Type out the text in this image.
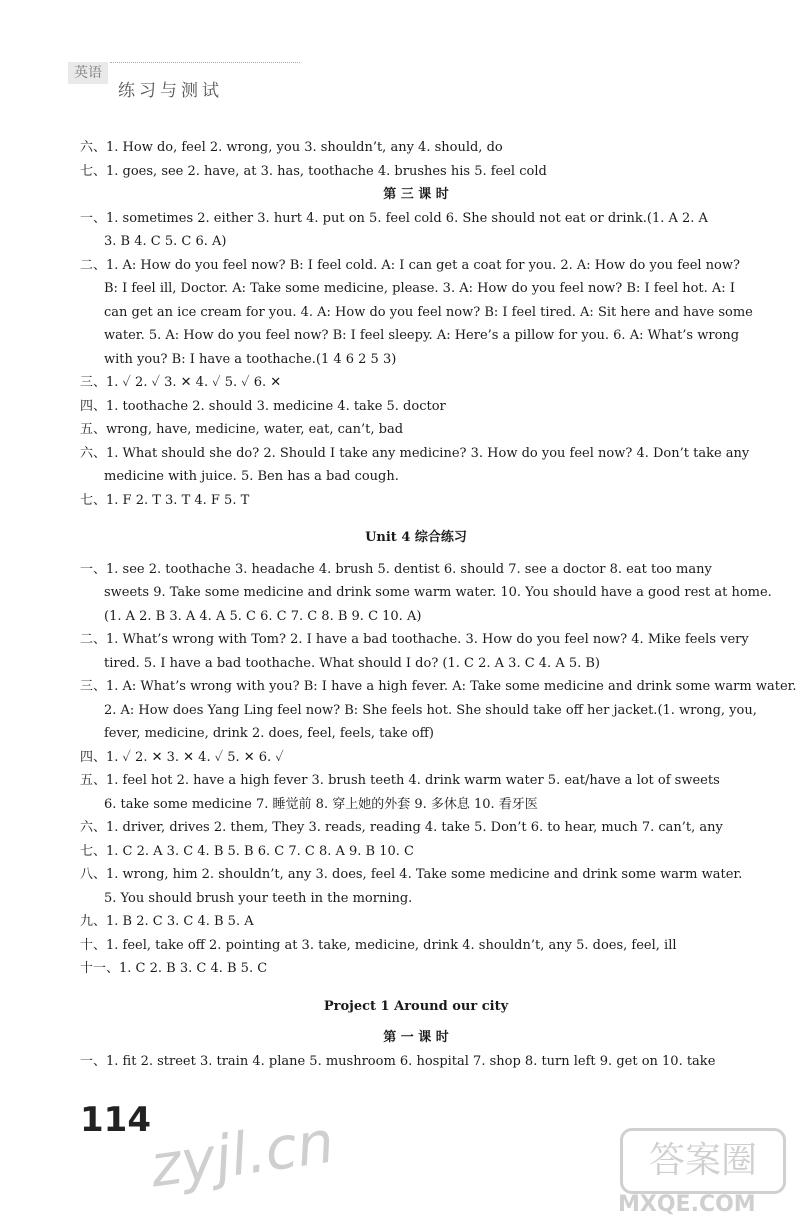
英语
练习与测试
六、1. How do, feel 2. wrong, you 3. shouldn’t, any 4. should, do
七、1. goes, see 2. have, at 3. has, toothache 4. brushes his 5. feel cold
第 三 课 时
一、1. sometimes 2. either 3. hurt 4. put on 5. feel cold 6. She should not eat or drink.(1. A 2. A
3. B 4. C 5. C 6. A)
二、1. A: How do you feel now? B: I feel cold. A: I can get a coat for you. 2. A: How do you feel now?
B: I feel ill, Doctor. A: Take some medicine, please. 3. A: How do you feel now? B: I feel hot. A: I
can get an ice cream for you. 4. A: How do you feel now? B: I feel tired. A: Sit here and have some
water. 5. A: How do you feel now? B: I feel sleepy. A: Here’s a pillow for you. 6. A: What’s wrong
with you? B: I have a toothache.(1 4 6 2 5 3)
三、1. ✓ 2. ✓ 3. ✕ 4. ✓ 5. ✓ 6. ✕
四、1. toothache 2. should 3. medicine 4. take 5. doctor
五、wrong, have, medicine, water, eat, can’t, bad
六、1. What should she do? 2. Should I take any medicine? 3. How do you feel now? 4. Don’t take any
medicine with juice. 5. Ben has a bad cough.
七、1. F 2. T 3. T 4. F 5. T
Unit 4 综合练习
一、1. see 2. toothache 3. headache 4. brush 5. dentist 6. should 7. see a doctor 8. eat too many
sweets 9. Take some medicine and drink some warm water. 10. You should have a good rest at home.
(1. A 2. B 3. A 4. A 5. C 6. C 7. C 8. B 9. C 10. A)
二、1. What’s wrong with Tom? 2. I have a bad toothache. 3. How do you feel now? 4. Mike feels very
tired. 5. I have a bad toothache. What should I do? (1. C 2. A 3. C 4. A 5. B)
三、1. A: What’s wrong with you? B: I have a high fever. A: Take some medicine and drink some warm water.
2. A: How does Yang Ling feel now? B: She feels hot. She should take off her jacket.(1. wrong, you,
fever, medicine, drink 2. does, feel, feels, take off)
四、1. ✓ 2. ✕ 3. ✕ 4. ✓ 5. ✕ 6. ✓
五、1. feel hot 2. have a high fever 3. brush teeth 4. drink warm water 5. eat/have a lot of sweets
6. take some medicine 7. 睡觉前 8. 穿上她的外套 9. 多休息 10. 看牙医
六、1. driver, drives 2. them, They 3. reads, reading 4. take 5. Don’t 6. to hear, much 7. can’t, any
七、1. C 2. A 3. C 4. B 5. B 6. C 7. C 8. A 9. B 10. C
八、1. wrong, him 2. shouldn’t, any 3. does, feel 4. Take some medicine and drink some warm water.
5. You should brush your teeth in the morning.
九、1. B 2. C 3. C 4. B 5. A
十、1. feel, take off 2. pointing at 3. take, medicine, drink 4. shouldn’t, any 5. does, feel, ill
十一、1. C 2. B 3. C 4. B 5. C
Project 1 Around our city
第 一 课 时
一、1. fit 2. street 3. train 4. plane 5. mushroom 6. hospital 7. shop 8. turn left 9. get on 10. take
114
zyjl.cn	答案圈
MXQE.COM
